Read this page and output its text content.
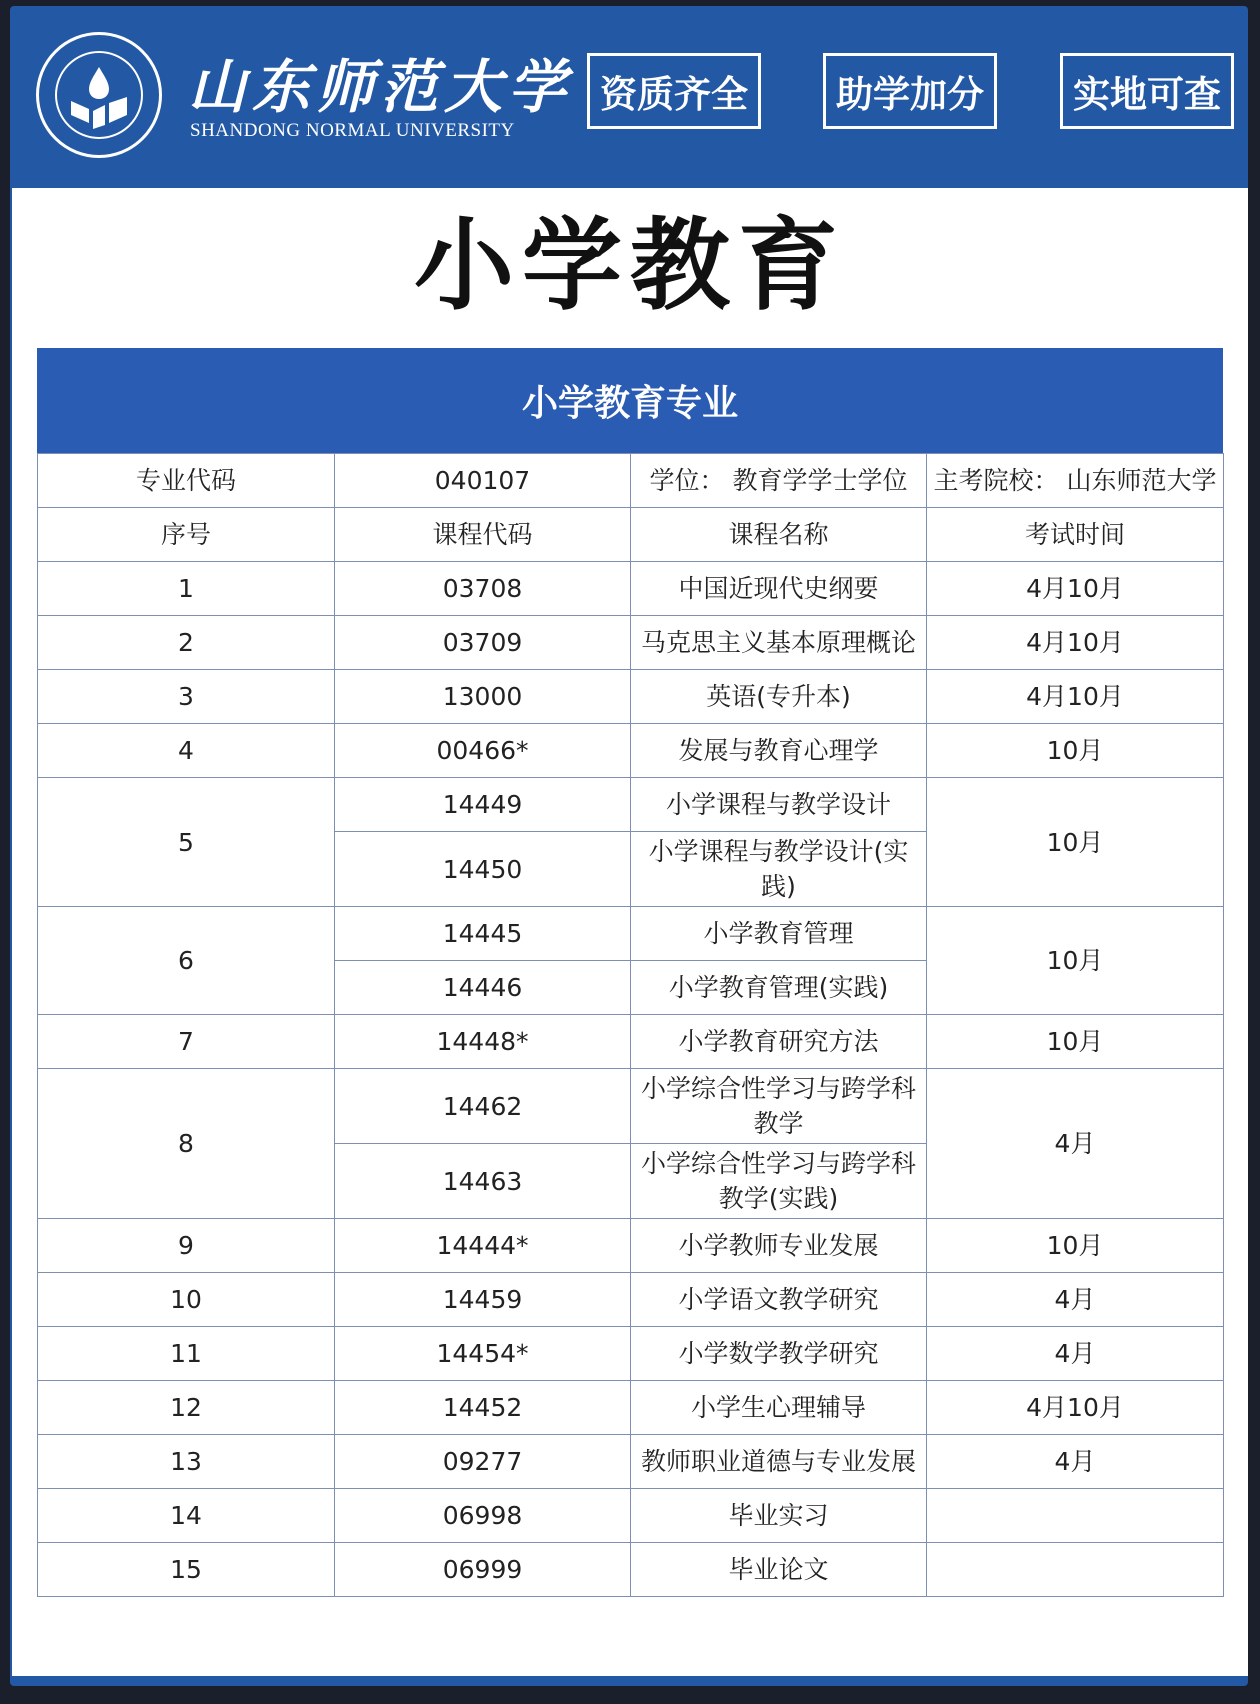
山东师范大学
SHANDONG NORMAL UNIVERSITY
资质齐全	助学加分	实地可查
小学教育
小学教育专业
专业代码	040107	学位： 教育学学士学位	主考院校： 山东师范大学
序号	课程代码	课程名称	考试时间
1	03708	中国近现代史纲要	4月10月
2	03709	马克思主义基本原理概论	4月10月
3	13000	英语(专升本)	4月10月
4	00466*	发展与教育心理学	10月
5	14449	小学课程与教学设计	10月
	14450	小学课程与教学设计(实践)	
6	14445	小学教育管理	10月
	14446	小学教育管理(实践)	
7	14448*	小学教育研究方法	10月
8	14462	小学综合性学习与跨学科教学	4月
	14463	小学综合性学习与跨学科教学(实践)	
9	14444*	小学教师专业发展	10月
10	14459	小学语文教学研究	4月
11	14454*	小学数学教学研究	4月
12	14452	小学生心理辅导	4月10月
13	09277	教师职业道德与专业发展	4月
14	06998	毕业实习	
15	06999	毕业论文	
